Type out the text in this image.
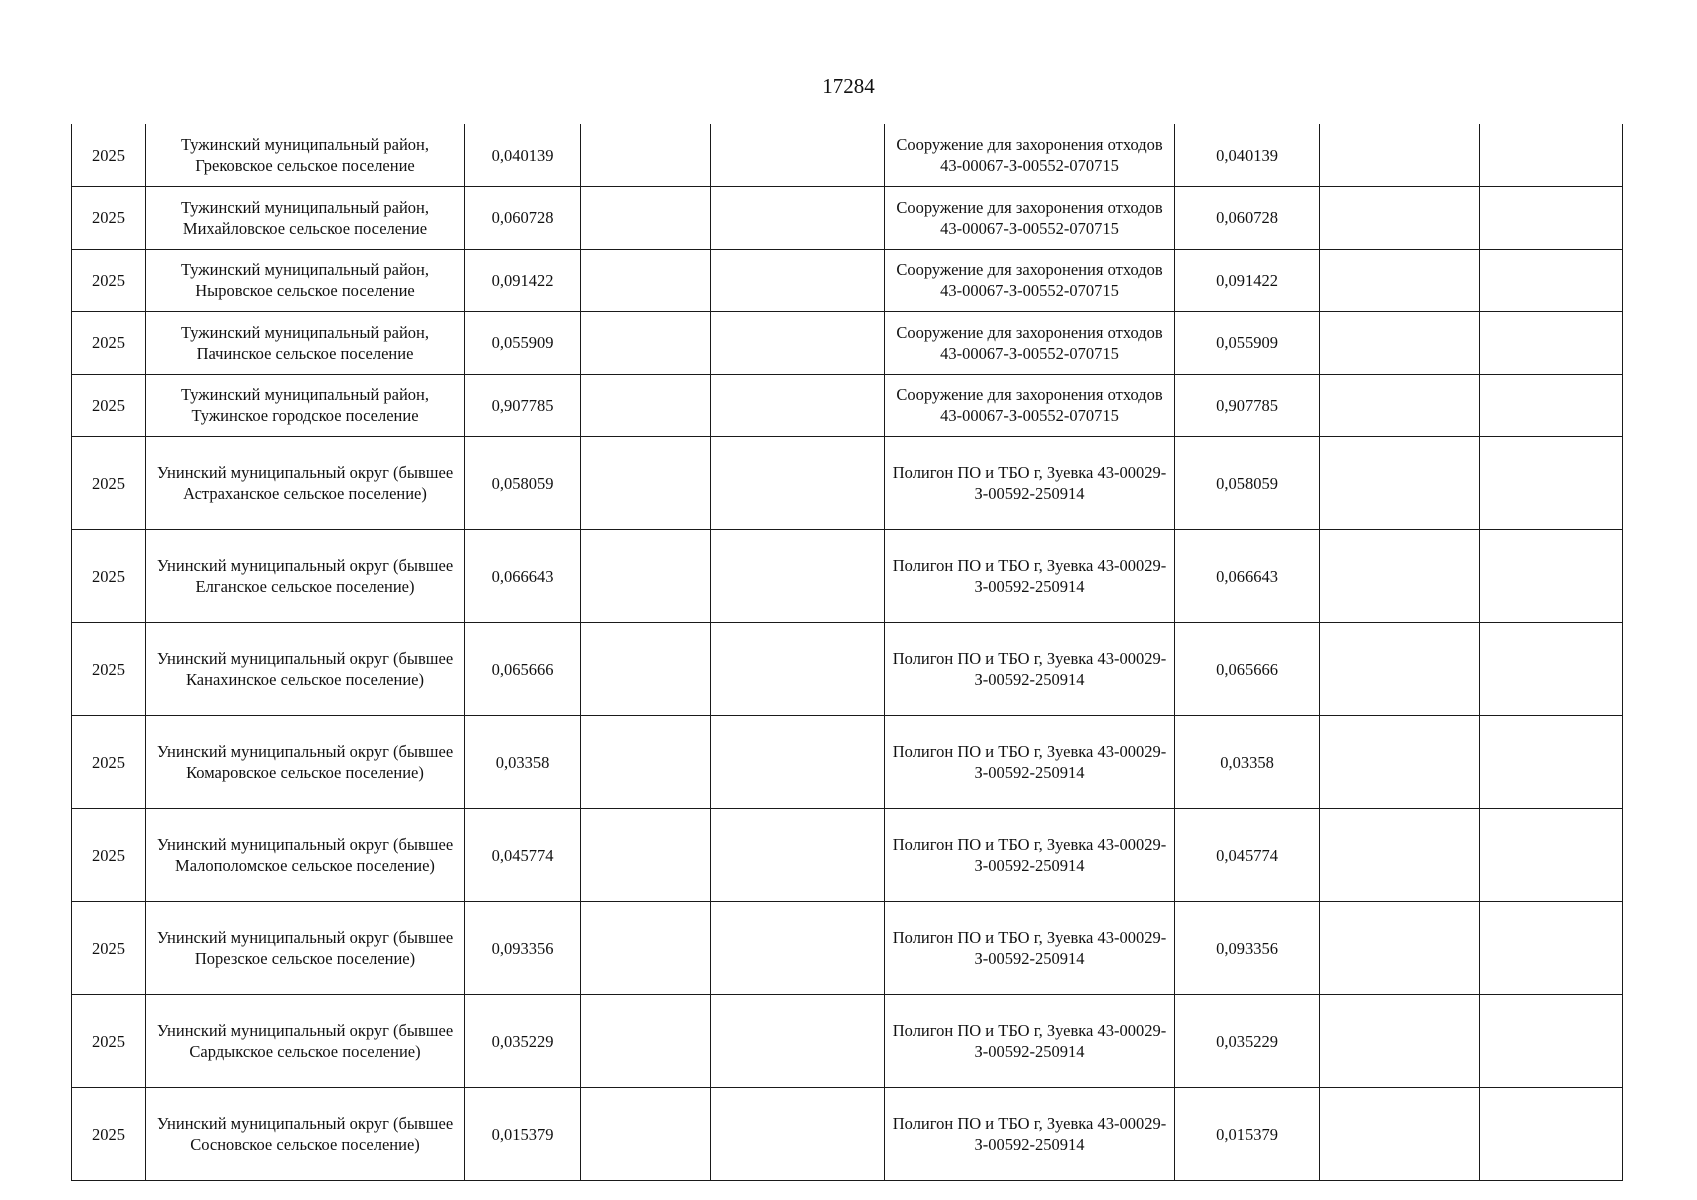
17284
2025	Тужинский муниципальный район, Грековское сельское поселение	0,040139			Сооружение для захоронения отходов 43-00067-З-00552-070715	0,040139		
2025	Тужинский муниципальный район, Михайловское сельское поселение	0,060728			Сооружение для захоронения отходов 43-00067-З-00552-070715	0,060728		
2025	Тужинский муниципальный район, Ныровское сельское поселение	0,091422			Сооружение для захоронения отходов 43-00067-З-00552-070715	0,091422		
2025	Тужинский муниципальный район, Пачинское сельское поселение	0,055909			Сооружение для захоронения отходов 43-00067-З-00552-070715	0,055909		
2025	Тужинский муниципальный район, Тужинское городское поселение	0,907785			Сооружение для захоронения отходов 43-00067-З-00552-070715	0,907785		
2025	Унинский муниципальный округ (бывшее Астраханское сельское поселение)	0,058059			Полигон ПО и ТБО г, Зуевка 43-00029-З-00592-250914	0,058059		
2025	Унинский муниципальный округ (бывшее Елганское сельское поселение)	0,066643			Полигон ПО и ТБО г, Зуевка 43-00029-З-00592-250914	0,066643		
2025	Унинский муниципальный округ (бывшее Канахинское сельское поселение)	0,065666			Полигон ПО и ТБО г, Зуевка 43-00029-З-00592-250914	0,065666		
2025	Унинский муниципальный округ (бывшее Комаровское сельское поселение)	0,03358			Полигон ПО и ТБО г, Зуевка 43-00029-З-00592-250914	0,03358		
2025	Унинский муниципальный округ (бывшее Малополомское сельское поселение)	0,045774			Полигон ПО и ТБО г, Зуевка 43-00029-З-00592-250914	0,045774		
2025	Унинский муниципальный округ (бывшее Порезское сельское поселение)	0,093356			Полигон ПО и ТБО г, Зуевка 43-00029-З-00592-250914	0,093356		
2025	Унинский муниципальный округ (бывшее Сардыкское сельское поселение)	0,035229			Полигон ПО и ТБО г, Зуевка 43-00029-З-00592-250914	0,035229		
2025	Унинский муниципальный округ (бывшее Сосновское сельское поселение)	0,015379			Полигон ПО и ТБО г, Зуевка 43-00029-З-00592-250914	0,015379		
